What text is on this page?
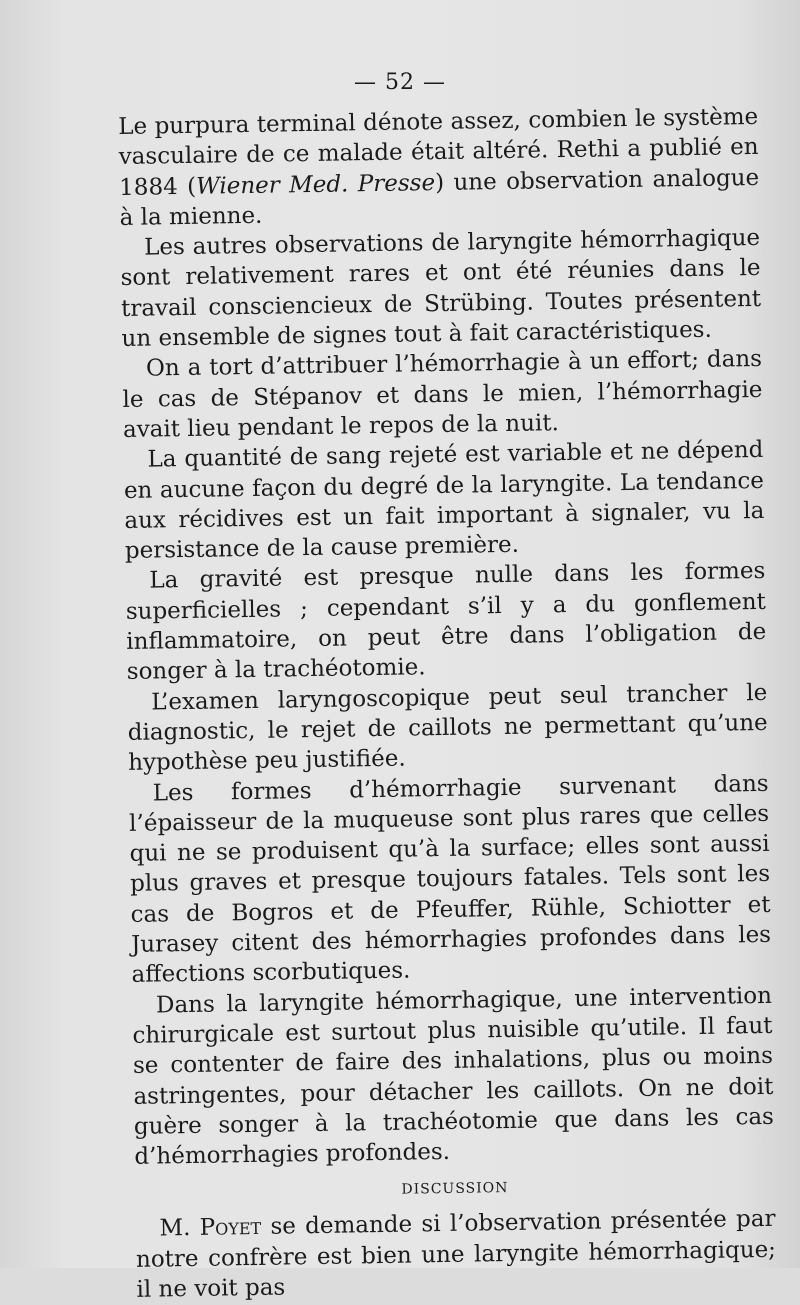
— 52 —

Le purpura terminal dénote assez, combien le système vasculaire de ce malade était altéré. Rethi a publié en 1884 (Wiener Med. Presse) une observation analogue à la mienne.

Les autres observations de laryngite hémorrhagique sont relativement rares et ont été réunies dans le travail consciencieux de Strübing. Toutes présentent un ensemble de signes tout à fait caractéristiques.

On a tort d’attribuer l’hémorrhagie à un effort; dans le cas de Stépanov et dans le mien, l’hémorrhagie avait lieu pendant le repos de la nuit.

La quantité de sang rejeté est variable et ne dépend en aucune façon du degré de la laryngite. La tendance aux récidives est un fait important à signaler, vu la persistance de la cause première.

La gravité est presque nulle dans les formes superficielles ; cependant s’il y a du gonflement inflammatoire, on peut être dans l’obligation de songer à la trachéotomie.

L’examen laryngoscopique peut seul trancher le diagnostic, le rejet de caillots ne permettant qu’une hypothèse peu justifiée.

Les formes d’hémorrhagie survenant dans l’épaisseur de la muqueuse sont plus rares que celles qui ne se produisent qu’à la surface; elles sont aussi plus graves et presque toujours fatales. Tels sont les cas de Bogros et de Pfeuffer, Rühle, Schiotter et Jurasey citent des hémorrhagies profondes dans les affections scorbutiques.

Dans la laryngite hémorrhagique, une intervention chirurgicale est surtout plus nuisible qu’utile. Il faut se contenter de faire des inhalations, plus ou moins astringentes, pour détacher les caillots. On ne doit guère songer à la trachéotomie que dans les cas d’hémorrhagies profondes.

DISCUSSION

M. Poyet se demande si l’observation présentée par notre confrère est bien une laryngite hémorrhagique; il ne voit pas
